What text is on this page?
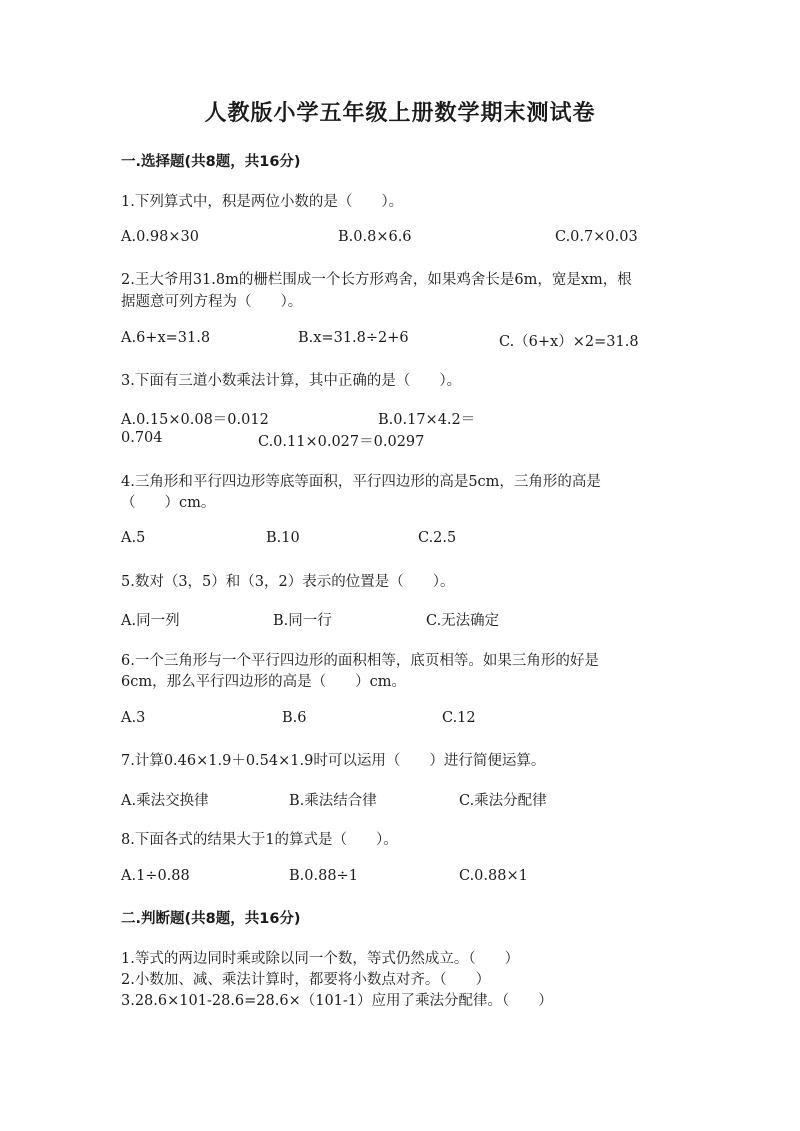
人教版小学五年级上册数学期末测试卷
一.选择题(共8题，共16分)
1.下列算式中，积是两位小数的是（　　）。
A.0.98×30	B.0.8×6.6	C.0.7×0.03
2.王大爷用31.8m的栅栏围成一个长方形鸡舍，如果鸡舍长是6m，宽是xm，根
据题意可列方程为（　　）。
A.6+x=31.8	B.x=31.8÷2+6	C.（6+x）×2=31.8
3.下面有三道小数乘法计算，其中正确的是（　　）。
A.0.15×0.08＝0.012	B.0.17×4.2＝
0.704	C.0.11×0.027＝0.0297
4.三角形和平行四边形等底等面积，平行四边形的高是5cm，三角形的高是
（　　）cm。
A.5	B.10	C.2.5
5.数对（3，5）和（3，2）表示的位置是（　　）。
A.同一列	B.同一行	C.无法确定
6.一个三角形与一个平行四边形的面积相等，底页相等。如果三角形的好是
6cm，那么平行四边形的高是（　　）cm。
A.3	B.6	C.12
7.计算0.46×1.9＋0.54×1.9时可以运用（　　）进行简便运算。
A.乘法交换律	B.乘法结合律	C.乘法分配律
8.下面各式的结果大于1的算式是（　　）。
A.1÷0.88	B.0.88÷1	C.0.88×1
二.判断题(共8题，共16分)
1.等式的两边同时乘或除以同一个数，等式仍然成立。（　　）
2.小数加、减、乘法计算时，都要将小数点对齐。（　　）
3.28.6×101-28.6=28.6×（101-1）应用了乘法分配律。（　　）
